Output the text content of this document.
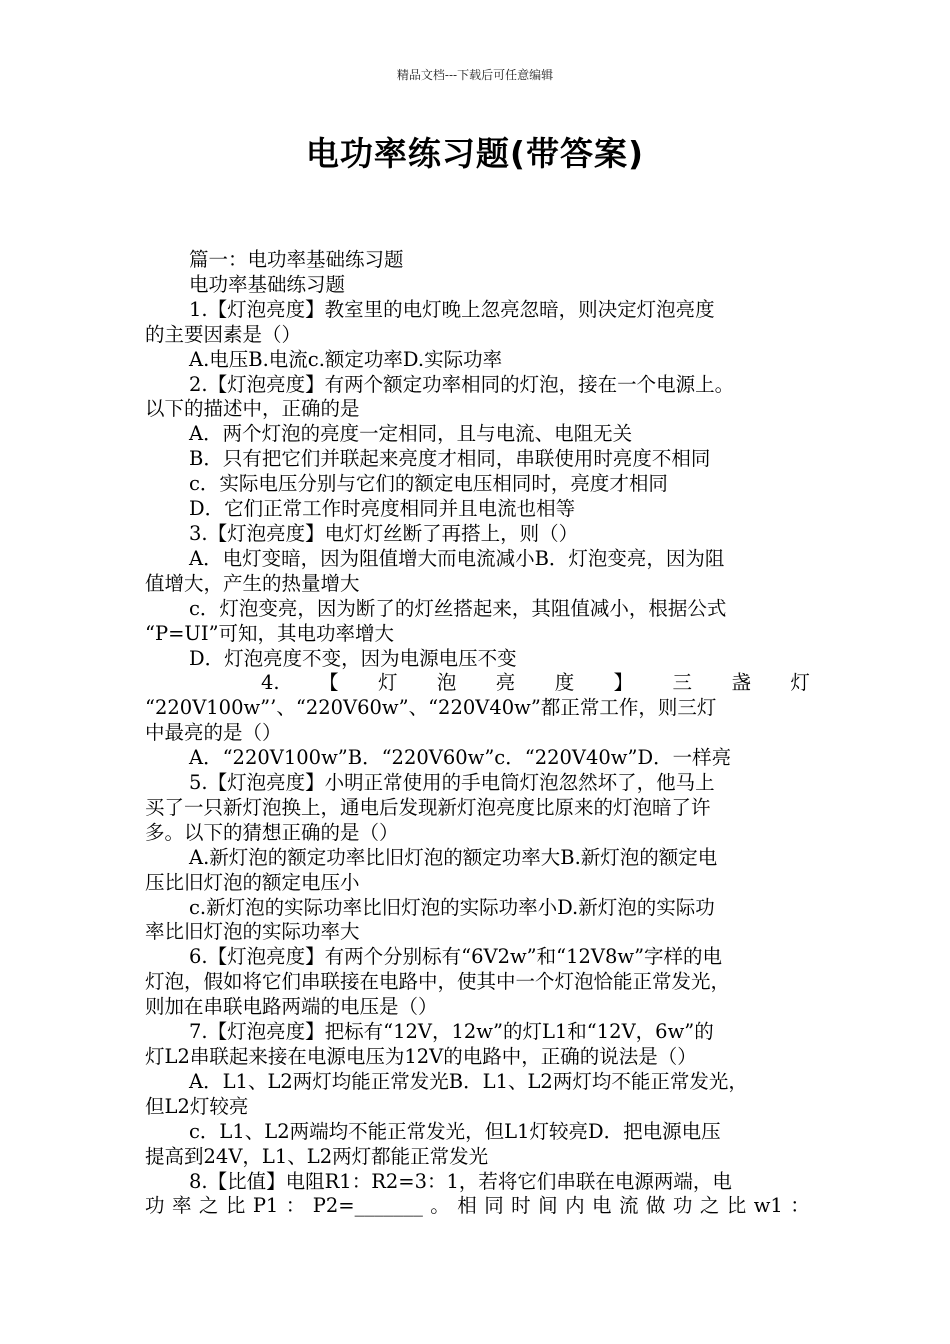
精品文档---下载后可任意编辑
电功率练习题(带答案)

篇一：电功率基础练习题

电功率基础练习题

1.【灯泡亮度】教室里的电灯晚上忽亮忽暗，则决定灯泡亮度

的主要因素是（）

A.电压B.电流c.额定功率D.实际功率

2.【灯泡亮度】有两个额定功率相同的灯泡，接在一个电源上。

以下的描述中，正确的是

A．两个灯泡的亮度一定相同，且与电流、电阻无关

B．只有把它们并联起来亮度才相同，串联使用时亮度不相同

c．实际电压分别与它们的额定电压相同时，亮度才相同

D．它们正常工作时亮度相同并且电流也相等

3.【灯泡亮度】电灯灯丝断了再搭上，则（）

A．电灯变暗，因为阻值增大而电流减小B．灯泡变亮，因为阻

值增大，产生的热量增大

c．灯泡变亮，因为断了的灯丝搭起来，其阻值减小，根据公式

“P=UI”可知，其电功率增大

D．灯泡亮度不变，因为电源电压不变

4. 【 灯 泡 亮 度 】 三 盏 灯

“220V100w”’、“220V60w”、“220V40w”都正常工作，则三灯

中最亮的是（）

A．“220V100w”B．“220V60w”c．“220V40w”D．一样亮

5.【灯泡亮度】小明正常使用的手电筒灯泡忽然坏了，他马上

买了一只新灯泡换上，通电后发现新灯泡亮度比原来的灯泡暗了许

多。以下的猜想正确的是（）

A.新灯泡的额定功率比旧灯泡的额定功率大B.新灯泡的额定电

压比旧灯泡的额定电压小

c.新灯泡的实际功率比旧灯泡的实际功率小D.新灯泡的实际功

率比旧灯泡的实际功率大

6.【灯泡亮度】有两个分别标有“6V2w”和“12V8w”字样的电

灯泡，假如将它们串联接在电路中，使其中一个灯泡恰能正常发光，

则加在串联电路两端的电压是（）

7.【灯泡亮度】把标有“12V，12w”的灯L1和“12V，6w”的

灯L2串联起来接在电源电压为12V的电路中，正确的说法是（）

A．L1、L2两灯均能正常发光B．L1、L2两灯均不能正常发光，

但L2灯较亮

c．L1、L2两端均不能正常发光，但L1灯较亮D．把电源电压

提高到24V，L1、L2两灯都能正常发光

8.【比值】电阻R1：R2=3：1，若将它们串联在电源两端，电

功 率 之 比 P1 ： P2=_______ 。 相 同 时 间 内 电 流 做 功 之 比 w1 ：
